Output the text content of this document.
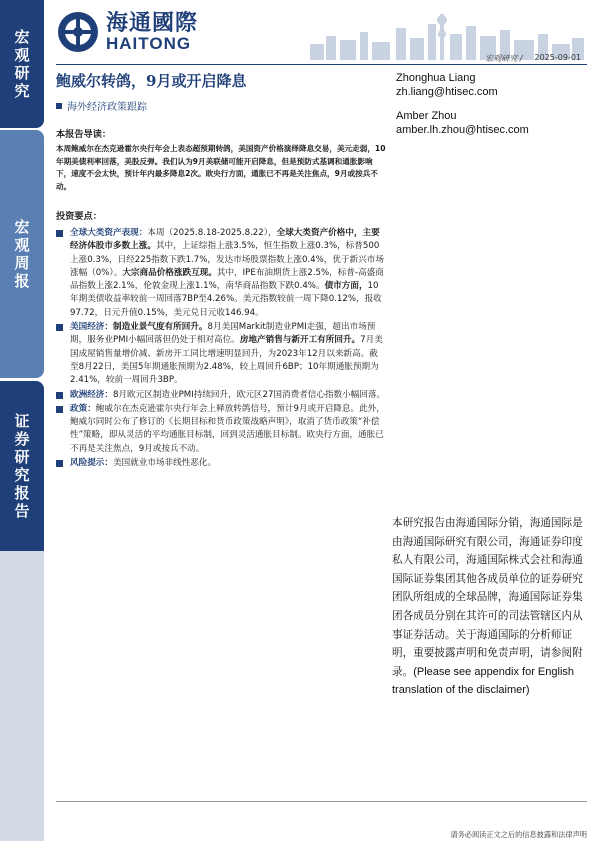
宏
观
研
究
宏
观
周
报
证
券
研
究
报
告
海通國際
HAITONG
宏观研究 / 2025-09-01
鲍威尔转鸽，9月或开启降息
海外经济政策跟踪
Zhonghua Liang
zh.liang@htisec.com
Amber Zhou
amber.lh.zhou@htisec.com
本报告导读：

本周鲍威尔在杰克逊霍尔央行年会上表态超预期转鸽，美国资产价格演绎降息交易，美元走弱，10年期美债利率回落，美股反弹。我们认为9月美联储可能开启降息，但是预防式基调和通胀影响下，速度不会太快，预计年内最多降息2次。欧央行方面，通胀已不再是关注焦点，9月或按兵不动。

投资要点：
全球大类资产表现：本周（2025.8.18-2025.8.22），全球大类资产价格中，主要经济体股市多数上涨。其中，上证综指上涨3.5%，恒生指数上涨0.3%，标普500上涨0.3%，日经225指数下跌1.7%，发达市场股票指数上涨0.4%，优于新兴市场涨幅（0%）。大宗商品价格涨跌互现。其中，IPE布油期货上涨2.5%，标普-高盛商品指数上涨2.1%，伦敦金现上涨1.1%，南华商品指数下跌0.4%。债市方面，10年期美债收益率较前一周回落7BP至4.26%。美元指数较前一周下降0.12%，报收97.72，日元升值0.15%，美元兑日元收146.94。
美国经济：制造业景气度有所回升。8月美国Markit制造业PMI走强，超出市场预期，服务业PMI小幅回落但仍处于相对高位。房地产销售与新开工有所回升。7月美国成屋销售量增价减、新房开工同比增速明显回升，为2023年12月以来新高。截至8月22日，美国5年期通胀预期为2.48%，较上周回升6BP；10年期通胀预期为2.41%，较前一周回升3BP。
欧洲经济：8月欧元区制造业PMI持续回升，欧元区27国消费者信心指数小幅回落。
政策：鲍威尔在杰克逊霍尔央行年会上释放转鸽信号，预计9月或开启降息。此外，鲍威尔同时公布了修订的《长期目标和货币政策战略声明》，取消了货币政策“补偿性”策略，即从灵活的平均通胀目标制，回到灵活通胀目标制。欧央行方面，通胀已不再是关注焦点，9月或按兵不动。
风险提示：美国就业市场非线性恶化。
本研究报告由海通国际分销，海通国际是由海通国际研究有限公司，海通证券印度私人有限公司，海通国际株式会社和海通国际证券集团其他各成员单位的证券研究团队所组成的全球品牌，海通国际证券集团各成员分别在其许可的司法管辖区内从事证券活动。关于海通国际的分析师证明，重要披露声明和免责声明，请参阅附录。(Please see appendix for English translation of the disclaimer)
请务必阅读正文之后的信息披露和法律声明
